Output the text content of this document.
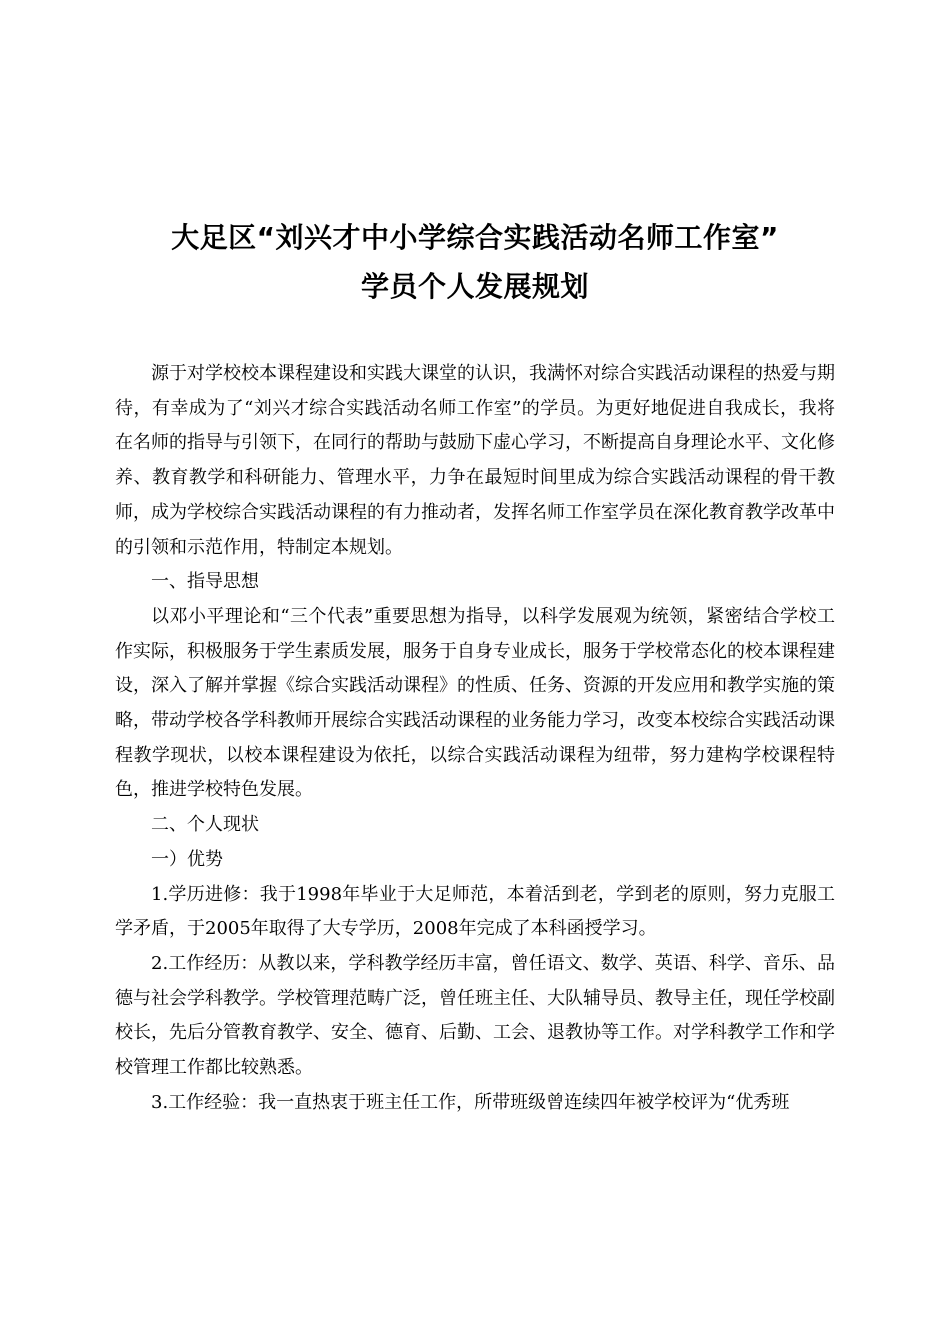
大足区“刘兴才中小学综合实践活动名师工作室”
学员个人发展规划

源于对学校校本课程建设和实践大课堂的认识，我满怀对综合实践活动课程的热爱与期待，有幸成为了“刘兴才综合实践活动名师工作室”的学员。为更好地促进自我成长，我将在名师的指导与引领下，在同行的帮助与鼓励下虚心学习，不断提高自身理论水平、文化修养、教育教学和科研能力、管理水平，力争在最短时间里成为综合实践活动课程的骨干教师，成为学校综合实践活动课程的有力推动者，发挥名师工作室学员在深化教育教学改革中的引领和示范作用，特制定本规划。

一、指导思想

以邓小平理论和“三个代表”重要思想为指导，以科学发展观为统领，紧密结合学校工作实际，积极服务于学生素质发展，服务于自身专业成长，服务于学校常态化的校本课程建设，深入了解并掌握《综合实践活动课程》的性质、任务、资源的开发应用和教学实施的策略，带动学校各学科教师开展综合实践活动课程的业务能力学习，改变本校综合实践活动课程教学现状，以校本课程建设为依托，以综合实践活动课程为纽带，努力建构学校课程特色，推进学校特色发展。

二、个人现状

一）优势

1.学历进修：我于1998年毕业于大足师范，本着活到老，学到老的原则，努力克服工学矛盾，于2005年取得了大专学历，2008年完成了本科函授学习。

2.工作经历：从教以来，学科教学经历丰富，曾任语文、数学、英语、科学、音乐、品德与社会学科教学。学校管理范畴广泛，曾任班主任、大队辅导员、教导主任，现任学校副校长，先后分管教育教学、安全、德育、后勤、工会、退教协等工作。对学科教学工作和学校管理工作都比较熟悉。

3.工作经验：我一直热衷于班主任工作，所带班级曾连续四年被学校评为“优秀班
